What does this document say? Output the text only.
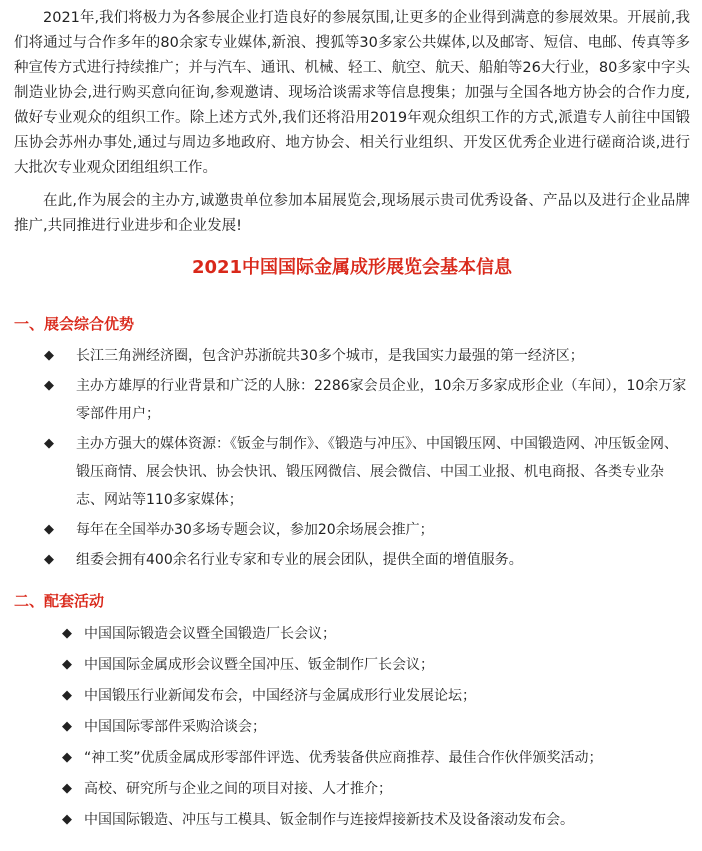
2021年,我们将极力为各参展企业打造良好的参展氛围,让更多的企业得到满意的参展效果。开展前,我们将通过与合作多年的80余家专业媒体,新浪、搜狐等30多家公共媒体,以及邮寄、短信、电邮、传真等多种宣传方式进行持续推广；并与汽车、通讯、机械、轻工、航空、航天、船舶等26大行业，80多家中字头制造业协会,进行购买意向征询,参观邀请、现场洽谈需求等信息搜集；加强与全国各地方协会的合作力度,做好专业观众的组织工作。除上述方式外,我们还将沿用2019年观众组织工作的方式,派遣专人前往中国锻压协会苏州办事处,通过与周边多地政府、地方协会、相关行业组织、开发区优秀企业进行磋商洽谈,进行大批次专业观众团组组织工作。

在此,作为展会的主办方,诚邀贵单位参加本届展览会,现场展示贵司优秀设备、产品以及进行企业品牌推广,共同推进行业进步和企业发展!

2021中国国际金属成形展览会基本信息
一、展会综合优势
◆ 长江三角洲经济圈，包含沪苏浙皖共30多个城市，是我国实力最强的第一经济区；
◆ 主办方雄厚的行业背景和广泛的人脉：2286家会员企业，10余万多家成形企业（车间），10余万家零部件用户；
◆ 主办方强大的媒体资源：《钣金与制作》、《锻造与冲压》、中国锻压网、中国锻造网、冲压钣金网、锻压商情、展会快讯、协会快讯、锻压网微信、展会微信、中国工业报、机电商报、各类专业杂志、网站等110多家媒体；
◆ 每年在全国举办30多场专题会议，参加20余场展会推广；
◆ 组委会拥有400余名行业专家和专业的展会团队，提供全面的增值服务。
二、配套活动
◆ 中国国际锻造会议暨全国锻造厂长会议；
◆ 中国国际金属成形会议暨全国冲压、钣金制作厂长会议；
◆ 中国锻压行业新闻发布会，中国经济与金属成形行业发展论坛；
◆ 中国国际零部件采购洽谈会；
◆ “神工奖”优质金属成形零部件评选、优秀装备供应商推荐、最佳合作伙伴颁奖活动；
◆ 高校、研究所与企业之间的项目对接、人才推介；
◆ 中国国际锻造、冲压与工模具、钣金制作与连接焊接新技术及设备滚动发布会。
